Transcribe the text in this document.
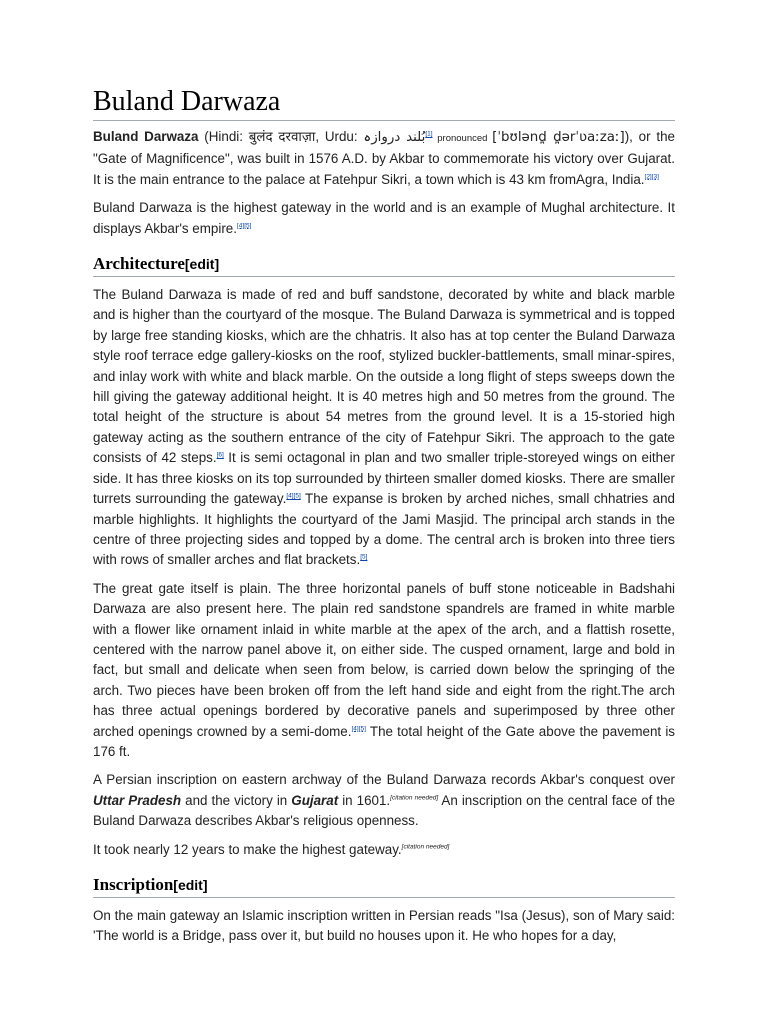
Buland Darwaza

Buland Darwaza (Hindi: बुलंद दरवाज़ा, Urdu: بُلند دروازہ[1] pronounced [ˈbʊlənd̪ d̪ərˈʋaːzaː]), or the "Gate of Magnificence", was built in 1576 A.D. by Akbar to commemorate his victory over Gujarat. It is the main entrance to the palace at Fatehpur Sikri, a town which is 43 km fromAgra, India.[2][3]

Buland Darwaza is the highest gateway in the world and is an example of Mughal architecture. It displays Akbar's empire.[4][5]

Architecture[edit]

The Buland Darwaza is made of red and buff sandstone, decorated by white and black marble and is higher than the courtyard of the mosque. The Buland Darwaza is symmetrical and is topped by large free standing kiosks, which are the chhatris. It also has at top center the Buland Darwaza style roof terrace edge gallery-kiosks on the roof, stylized buckler-battlements, small minar-spires, and inlay work with white and black marble. On the outside a long flight of steps sweeps down the hill giving the gateway additional height. It is 40 metres high and 50 metres from the ground. The total height of the structure is about 54 metres from the ground level. It is a 15-storied high gateway acting as the southern entrance of the city of Fatehpur Sikri. The approach to the gate consists of 42 steps.[6] It is semi octagonal in plan and two smaller triple-storeyed wings on either side. It has three kiosks on its top surrounded by thirteen smaller domed kiosks. There are smaller turrets surrounding the gateway.[4][5] The expanse is broken by arched niches, small chhatries and marble highlights. It highlights the courtyard of the Jami Masjid. The principal arch stands in the centre of three projecting sides and topped by a dome. The central arch is broken into three tiers with rows of smaller arches and flat brackets.[5]

The great gate itself is plain. The three horizontal panels of buff stone noticeable in Badshahi Darwaza are also present here. The plain red sandstone spandrels are framed in white marble with a flower like ornament inlaid in white marble at the apex of the arch, and a flattish rosette, centered with the narrow panel above it, on either side. The cusped ornament, large and bold in fact, but small and delicate when seen from below, is carried down below the springing of the arch. Two pieces have been broken off from the left hand side and eight from the right.The arch has three actual openings bordered by decorative panels and superimposed by three other arched openings crowned by a semi-dome.[4][5] The total height of the Gate above the pavement is 176 ft.

A Persian inscription on eastern archway of the Buland Darwaza records Akbar's conquest over Uttar Pradesh and the victory in Gujarat in 1601.[citation needed] An inscription on the central face of the Buland Darwaza describes Akbar's religious openness.

It took nearly 12 years to make the highest gateway.[citation needed]

Inscription[edit]

On the main gateway an Islamic inscription written in Persian reads "Isa (Jesus), son of Mary said: 'The world is a Bridge, pass over it, but build no houses upon it. He who hopes for a day,
